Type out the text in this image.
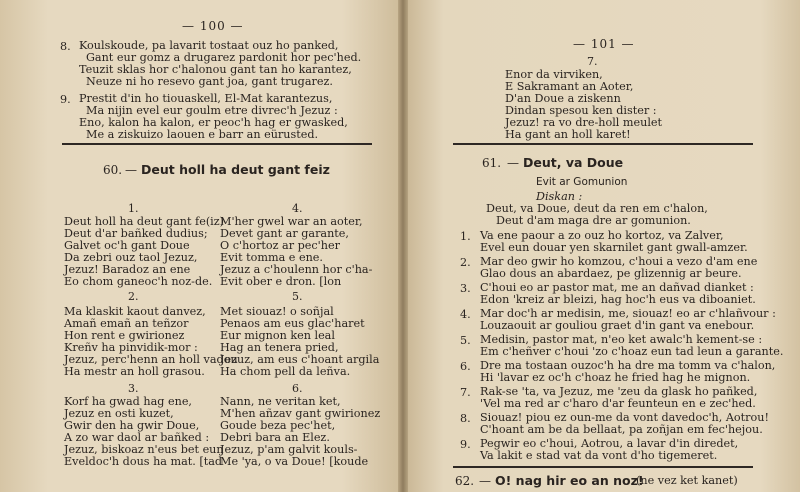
— 100 —
8. Koulskoude, pa lavarit tostaat ouz ho panked,
Gant eur gomz a drugarez pardonit hor pec'hed.
Teuzit sklas hor c'halonou gant tan ho karantez,
Neuze ni ho resevo gant joa, gant trugarez.
9. Prestit d'in ho tiouaskell, El-Mat karantezus,
Ma nijin evel eur goulm etre divrec'h Jezuz :
Eno, kalon ha kalon, er peoc'h hag er gwasked,
Me a ziskuizo laouen e barr an eürusted.
60. — Deut holl ha deut gant feiz
1.	4.
Deut holl ha deut gant fe(iz)
Deut d'ar bañked dudius;
Galvet oc'h gant Doue
Da zebri ouz taol Jezuz,
Jezuz! Baradoz an ene
Eo chom ganeoc'h noz-de.
M'her gwel war an aoter,
Devet gant ar garante,
O c'hortoz ar pec'her
Evit tomma e ene.
Jezuz a c'houlenn hor c'ha-
Evit ober e dron. [lon
2.	5.
Ma klaskit kaout danvez,
Amañ emañ an teñzor
Hon rent e gwirionez
Kreñv ha pinvidik-mor :
Jezuz, perc'henn an holl vadou
Ha mestr an holl grasou.
Met siouaz! o soñjal
Penaos am eus glac'haret
Eur mignon ken leal
Hag an tenera pried,
Jezuz, am eus c'hoant argila
Ha chom pell da leñva.
3.	6.
Korf ha gwad hag ene,
Jezuz en osti kuzet,
Gwir den ha gwir Doue,
A zo war daol ar bañked :
Jezuz, biskoaz n'eus bet eun
Eveldoc'h dous ha mat. [tad
Nann, ne veritan ket,
M'hen añzav gant gwirionez
Goude beza pec'het,
Debri bara an Elez.
Jezuz, p'am galvit kouls-
Me 'ya, o va Doue! [koude
— 101 —
7.
Enor da virviken,
E Sakramant an Aoter,
D'an Doue a ziskenn
Dindan spesou ken dister :
Jezuz! ra vo dre-holl meulet
Ha gant an holl karet!
61. — Deut, va Doue
Evit ar Gomunion
Diskan :
Deut, va Doue, deut da ren em c'halon,
Deut d'am maga dre ar gomunion.
1. Va ene paour a zo ouz ho kortoz, va Zalver,
Evel eun douar yen skarnilet gant gwall-amzer.
2. Mar deo gwir ho komzou, c'houi a vezo d'am ene
Glao dous an abardaez, pe glizennig ar beure.
3. C'houi eo ar pastor mat, me an dañvad dianket :
Edon 'kreiz ar bleizi, hag hoc'h eus va diboaniet.
4. Mar doc'h ar medisin, me, siouaz! eo ar c'hlañvour :
Louzaouit ar gouliou graet d'in gant va enebour.
5. Medisin, pastor mat, n'eo ket awalc'h kement-se :
Em c'heñver c'houi 'zo c'hoaz eun tad leun a garante.
6. Dre ma tostaan ouzoc'h ha dre ma tomm va c'halon,
Hi 'lavar ez oc'h c'hoaz he fried hag he mignon.
7. Rak-se 'ta, va Jezuz, me 'zeu da glask ho pañked,
'Vel ma red ar c'haro d'ar feunteun en e zec'hed.
8. Siouaz! piou ez oun-me da vont davedoc'h, Aotrou!
C'hoant am be da bellaat, pa zoñjan em fec'hejou.
9. Pegwir eo c'houi, Aotrou, a lavar d'in diredet,
Va lakit e stad vat da vont d'ho tigemeret.
62. — O! nag hir eo an noz!
(ne vez ket kanet)
